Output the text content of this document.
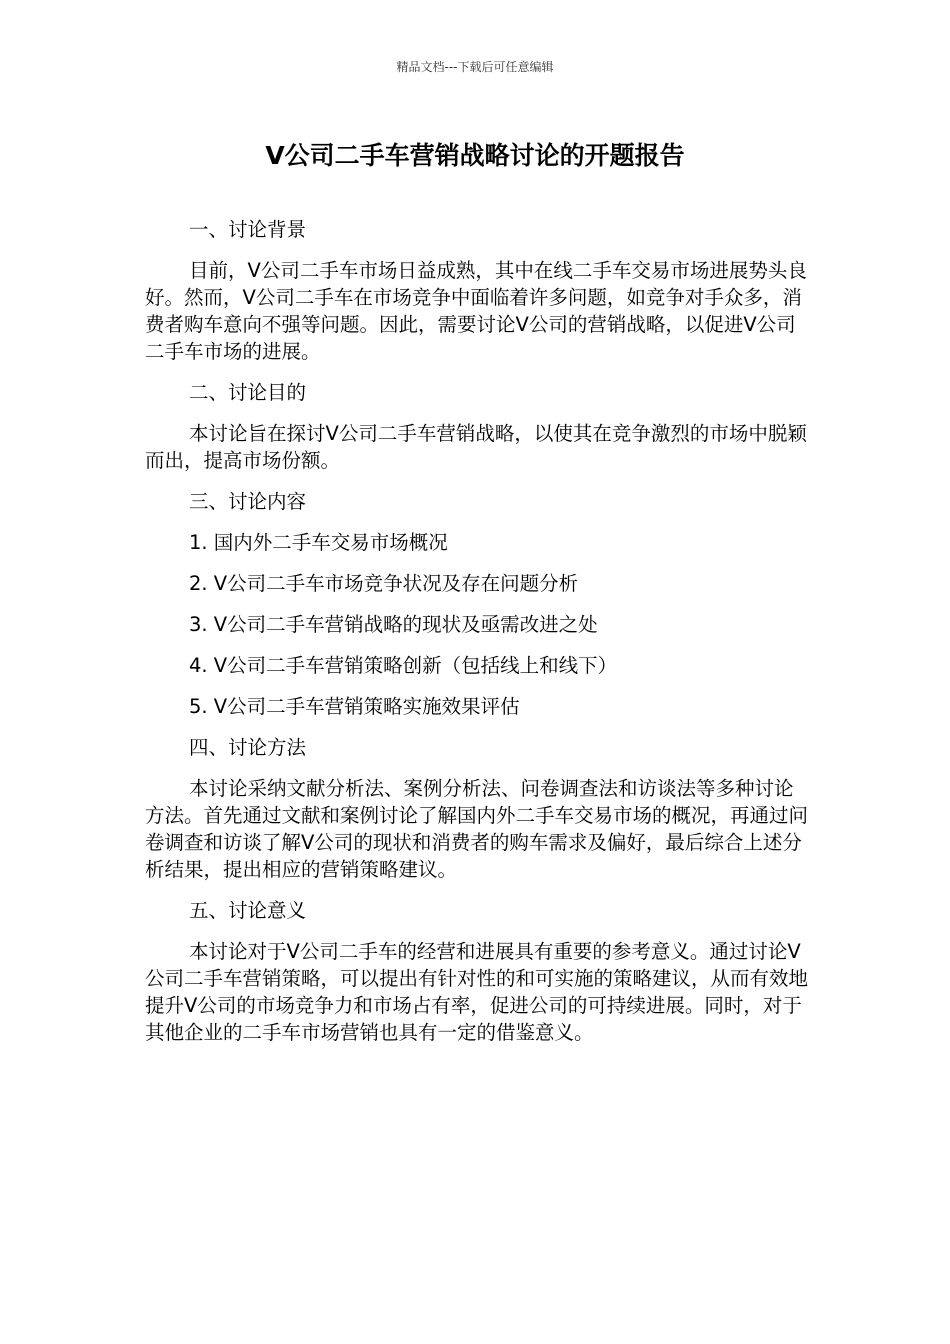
精品文档---下载后可任意编辑
V公司二手车营销战略讨论的开题报告

一、讨论背景

目前，V公司二手车市场日益成熟，其中在线二手车交易市场进展势头良好。然而，V公司二手车在市场竞争中面临着许多问题，如竞争对手众多，消费者购车意向不强等问题。因此，需要讨论V公司的营销战略，以促进V公司二手车市场的进展。

二、讨论目的

本讨论旨在探讨V公司二手车营销战略，以使其在竞争激烈的市场中脱颖而出，提高市场份额。

三、讨论内容

1. 国内外二手车交易市场概况

2. V公司二手车市场竞争状况及存在问题分析

3. V公司二手车营销战略的现状及亟需改进之处

4. V公司二手车营销策略创新（包括线上和线下）

5. V公司二手车营销策略实施效果评估

四、讨论方法

本讨论采纳文献分析法、案例分析法、问卷调查法和访谈法等多种讨论方法。首先通过文献和案例讨论了解国内外二手车交易市场的概况，再通过问卷调查和访谈了解V公司的现状和消费者的购车需求及偏好，最后综合上述分析结果，提出相应的营销策略建议。

五、讨论意义

本讨论对于V公司二手车的经营和进展具有重要的参考意义。通过讨论V公司二手车营销策略，可以提出有针对性的和可实施的策略建议，从而有效地提升V公司的市场竞争力和市场占有率，促进公司的可持续进展。同时，对于其他企业的二手车市场营销也具有一定的借鉴意义。
